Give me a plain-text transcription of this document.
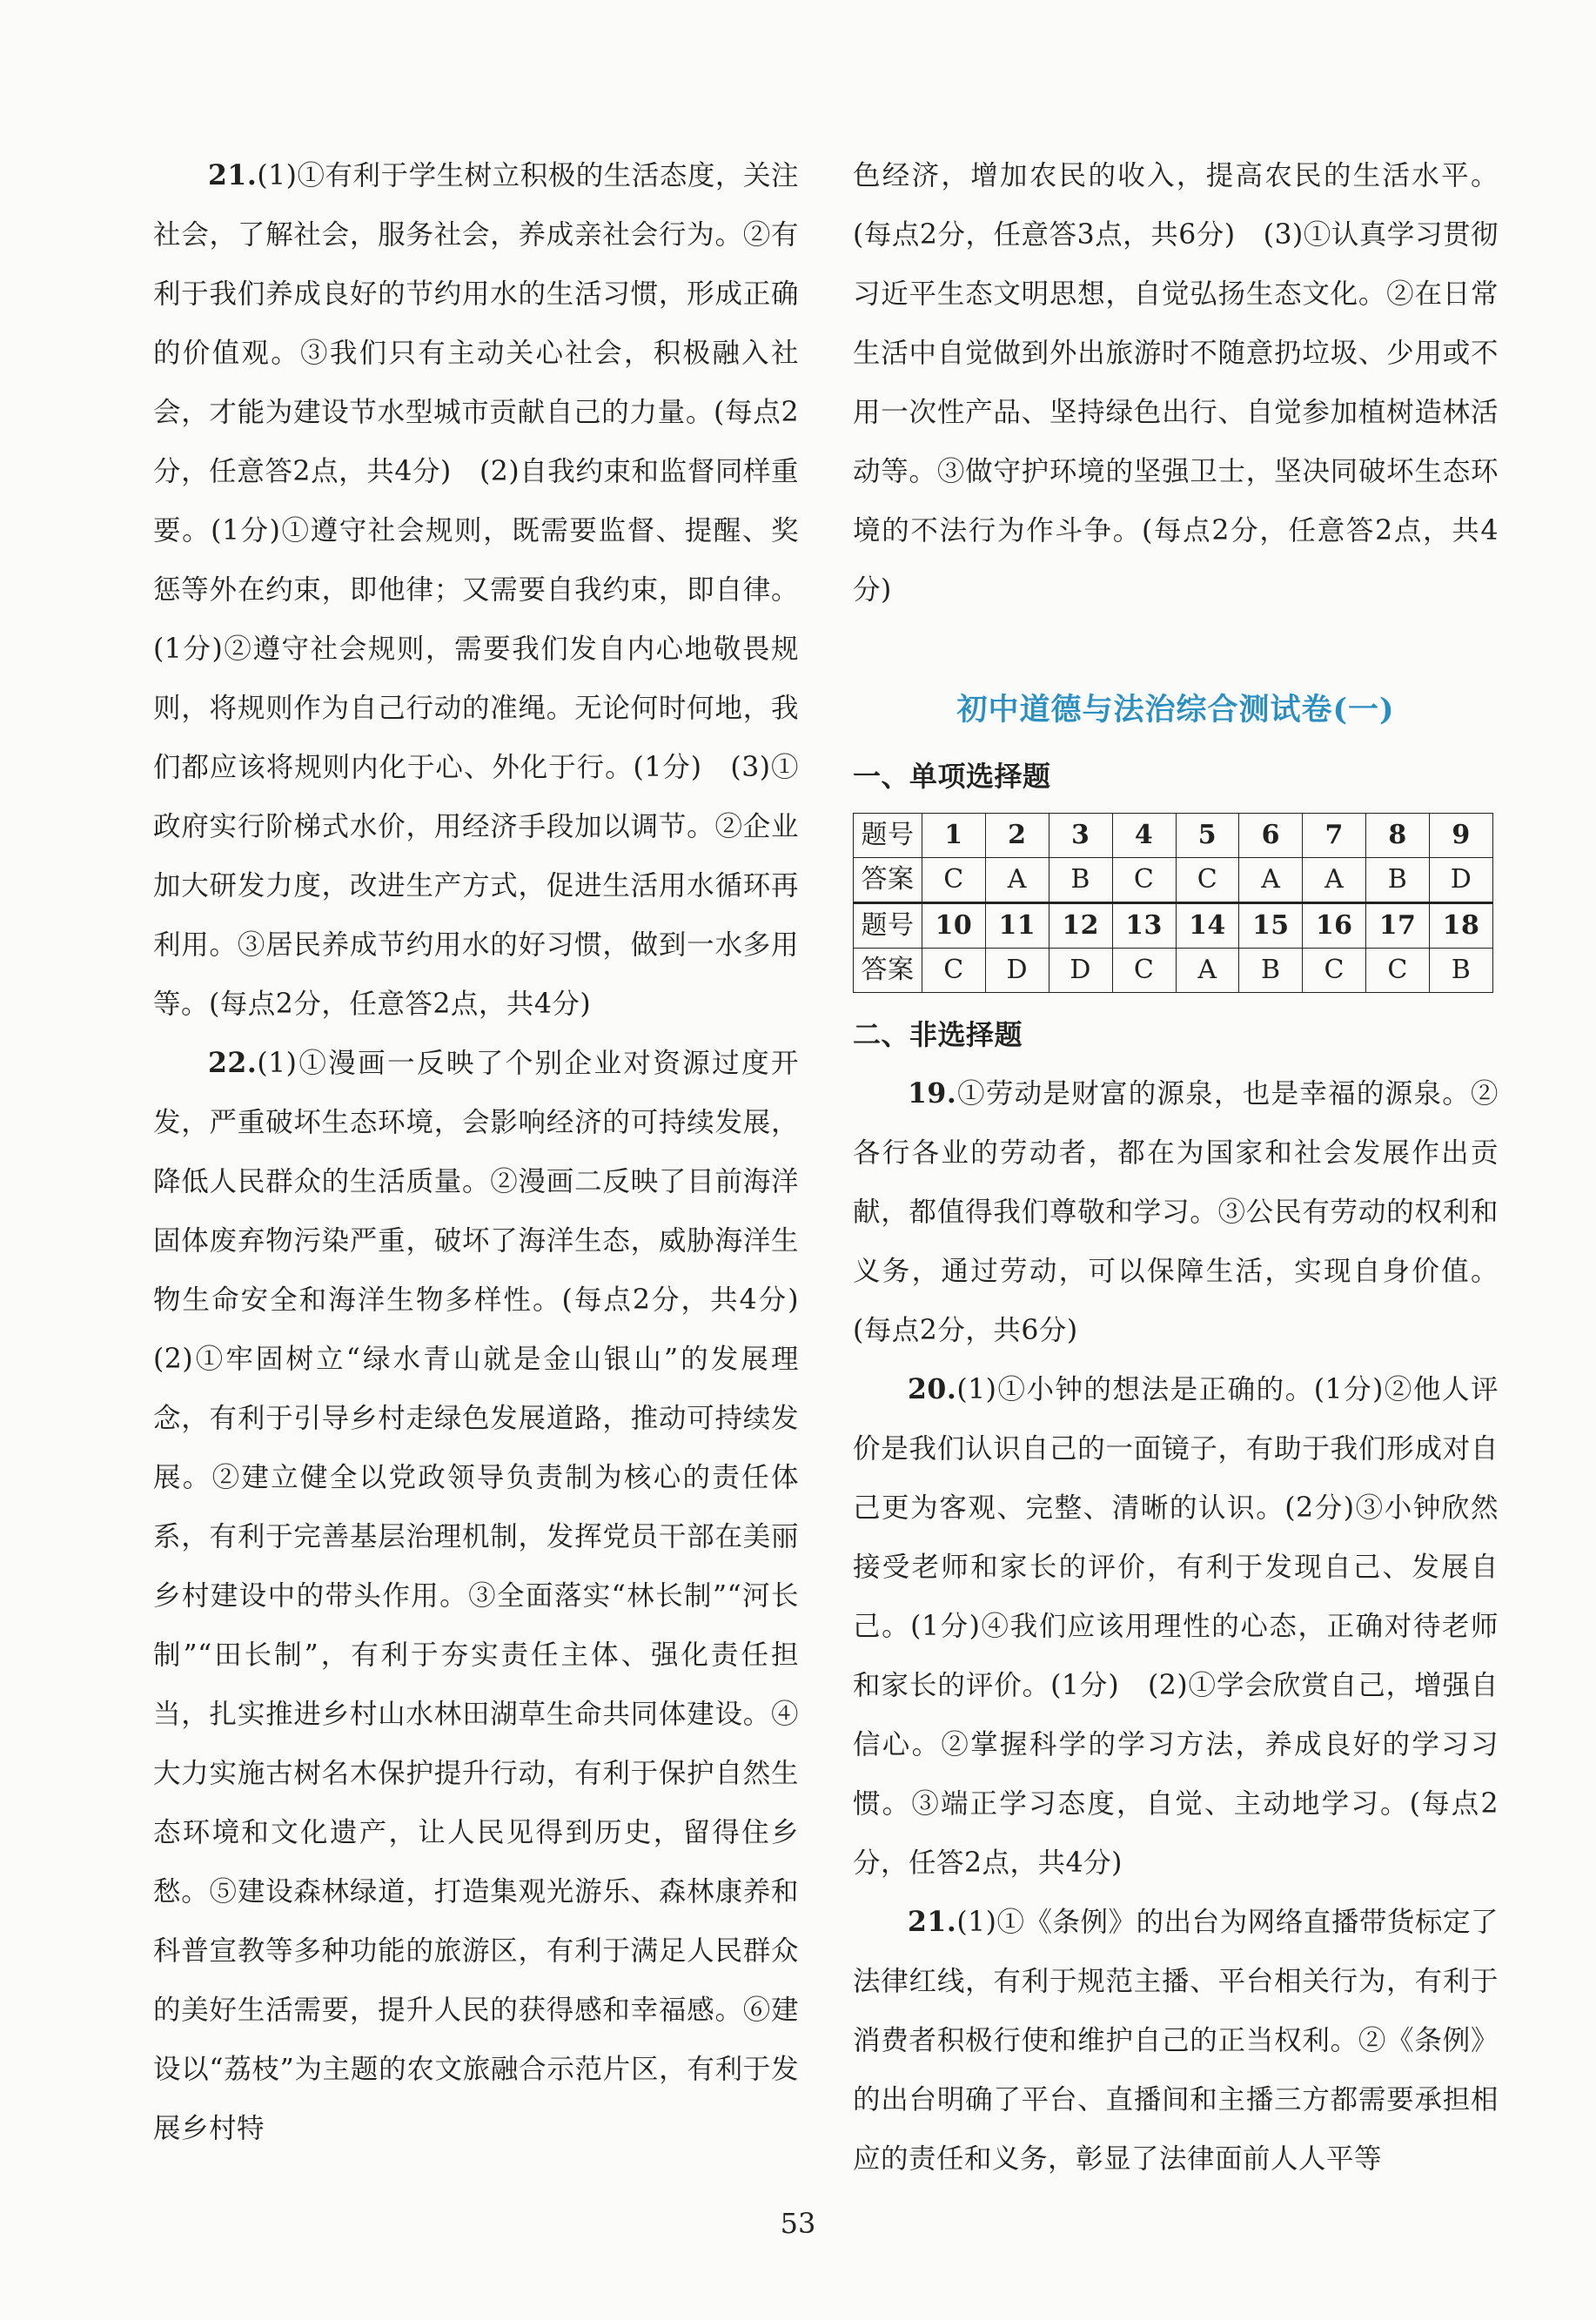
21.(1)①有利于学生树立积极的生活态度，关注社会，了解社会，服务社会，养成亲社会行为。②有利于我们养成良好的节约用水的生活习惯，形成正确的价值观。③我们只有主动关心社会，积极融入社会，才能为建设节水型城市贡献自己的力量。(每点2分，任意答2点，共4分)　(2)自我约束和监督同样重要。(1分)①遵守社会规则，既需要监督、提醒、奖惩等外在约束，即他律；又需要自我约束，即自律。(1分)②遵守社会规则，需要我们发自内心地敬畏规则，将规则作为自己行动的准绳。无论何时何地，我们都应该将规则内化于心、外化于行。(1分)　(3)①政府实行阶梯式水价，用经济手段加以调节。②企业加大研发力度，改进生产方式，促进生活用水循环再利用。③居民养成节约用水的好习惯，做到一水多用等。(每点2分，任意答2点，共4分)

22.(1)①漫画一反映了个别企业对资源过度开发，严重破坏生态环境，会影响经济的可持续发展，降低人民群众的生活质量。②漫画二反映了目前海洋固体废弃物污染严重，破坏了海洋生态，威胁海洋生物生命安全和海洋生物多样性。(每点2分，共4分)　(2)①牢固树立“绿水青山就是金山银山”的发展理念，有利于引导乡村走绿色发展道路，推动可持续发展。②建立健全以党政领导负责制为核心的责任体系，有利于完善基层治理机制，发挥党员干部在美丽乡村建设中的带头作用。③全面落实“林长制”“河长制”“田长制”，有利于夯实责任主体、强化责任担当，扎实推进乡村山水林田湖草生命共同体建设。④大力实施古树名木保护提升行动，有利于保护自然生态环境和文化遗产，让人民见得到历史，留得住乡愁。⑤建设森林绿道，打造集观光游乐、森林康养和科普宣教等多种功能的旅游区，有利于满足人民群众的美好生活需要，提升人民的获得感和幸福感。⑥建设以“荔枝”为主题的农文旅融合示范片区，有利于发展乡村特

色经济，增加农民的收入，提高农民的生活水平。(每点2分，任意答3点，共6分)　(3)①认真学习贯彻习近平生态文明思想，自觉弘扬生态文化。②在日常生活中自觉做到外出旅游时不随意扔垃圾、少用或不用一次性产品、坚持绿色出行、自觉参加植树造林活动等。③做守护环境的坚强卫士，坚决同破坏生态环境的不法行为作斗争。(每点2分，任意答2点，共4分)

初中道德与法治综合测试卷(一)

一、单项选择题

题号	1	2	3	4	5	6	7	8	9
答案	C	A	B	C	C	A	A	B	D
题号	10	11	12	13	14	15	16	17	18
答案	C	D	D	C	A	B	C	C	B

二、非选择题

19.①劳动是财富的源泉，也是幸福的源泉。②各行各业的劳动者，都在为国家和社会发展作出贡献，都值得我们尊敬和学习。③公民有劳动的权利和义务，通过劳动，可以保障生活，实现自身价值。(每点2分，共6分)

20.(1)①小钟的想法是正确的。(1分)②他人评价是我们认识自己的一面镜子，有助于我们形成对自己更为客观、完整、清晰的认识。(2分)③小钟欣然接受老师和家长的评价，有利于发现自己、发展自己。(1分)④我们应该用理性的心态，正确对待老师和家长的评价。(1分)　(2)①学会欣赏自己，增强自信心。②掌握科学的学习方法，养成良好的学习习惯。③端正学习态度，自觉、主动地学习。(每点2分，任答2点，共4分)

21.(1)①《条例》的出台为网络直播带货标定了法律红线，有利于规范主播、平台相关行为，有利于消费者积极行使和维护自己的正当权利。②《条例》的出台明确了平台、直播间和主播三方都需要承担相应的责任和义务，彰显了法律面前人人平等

53
